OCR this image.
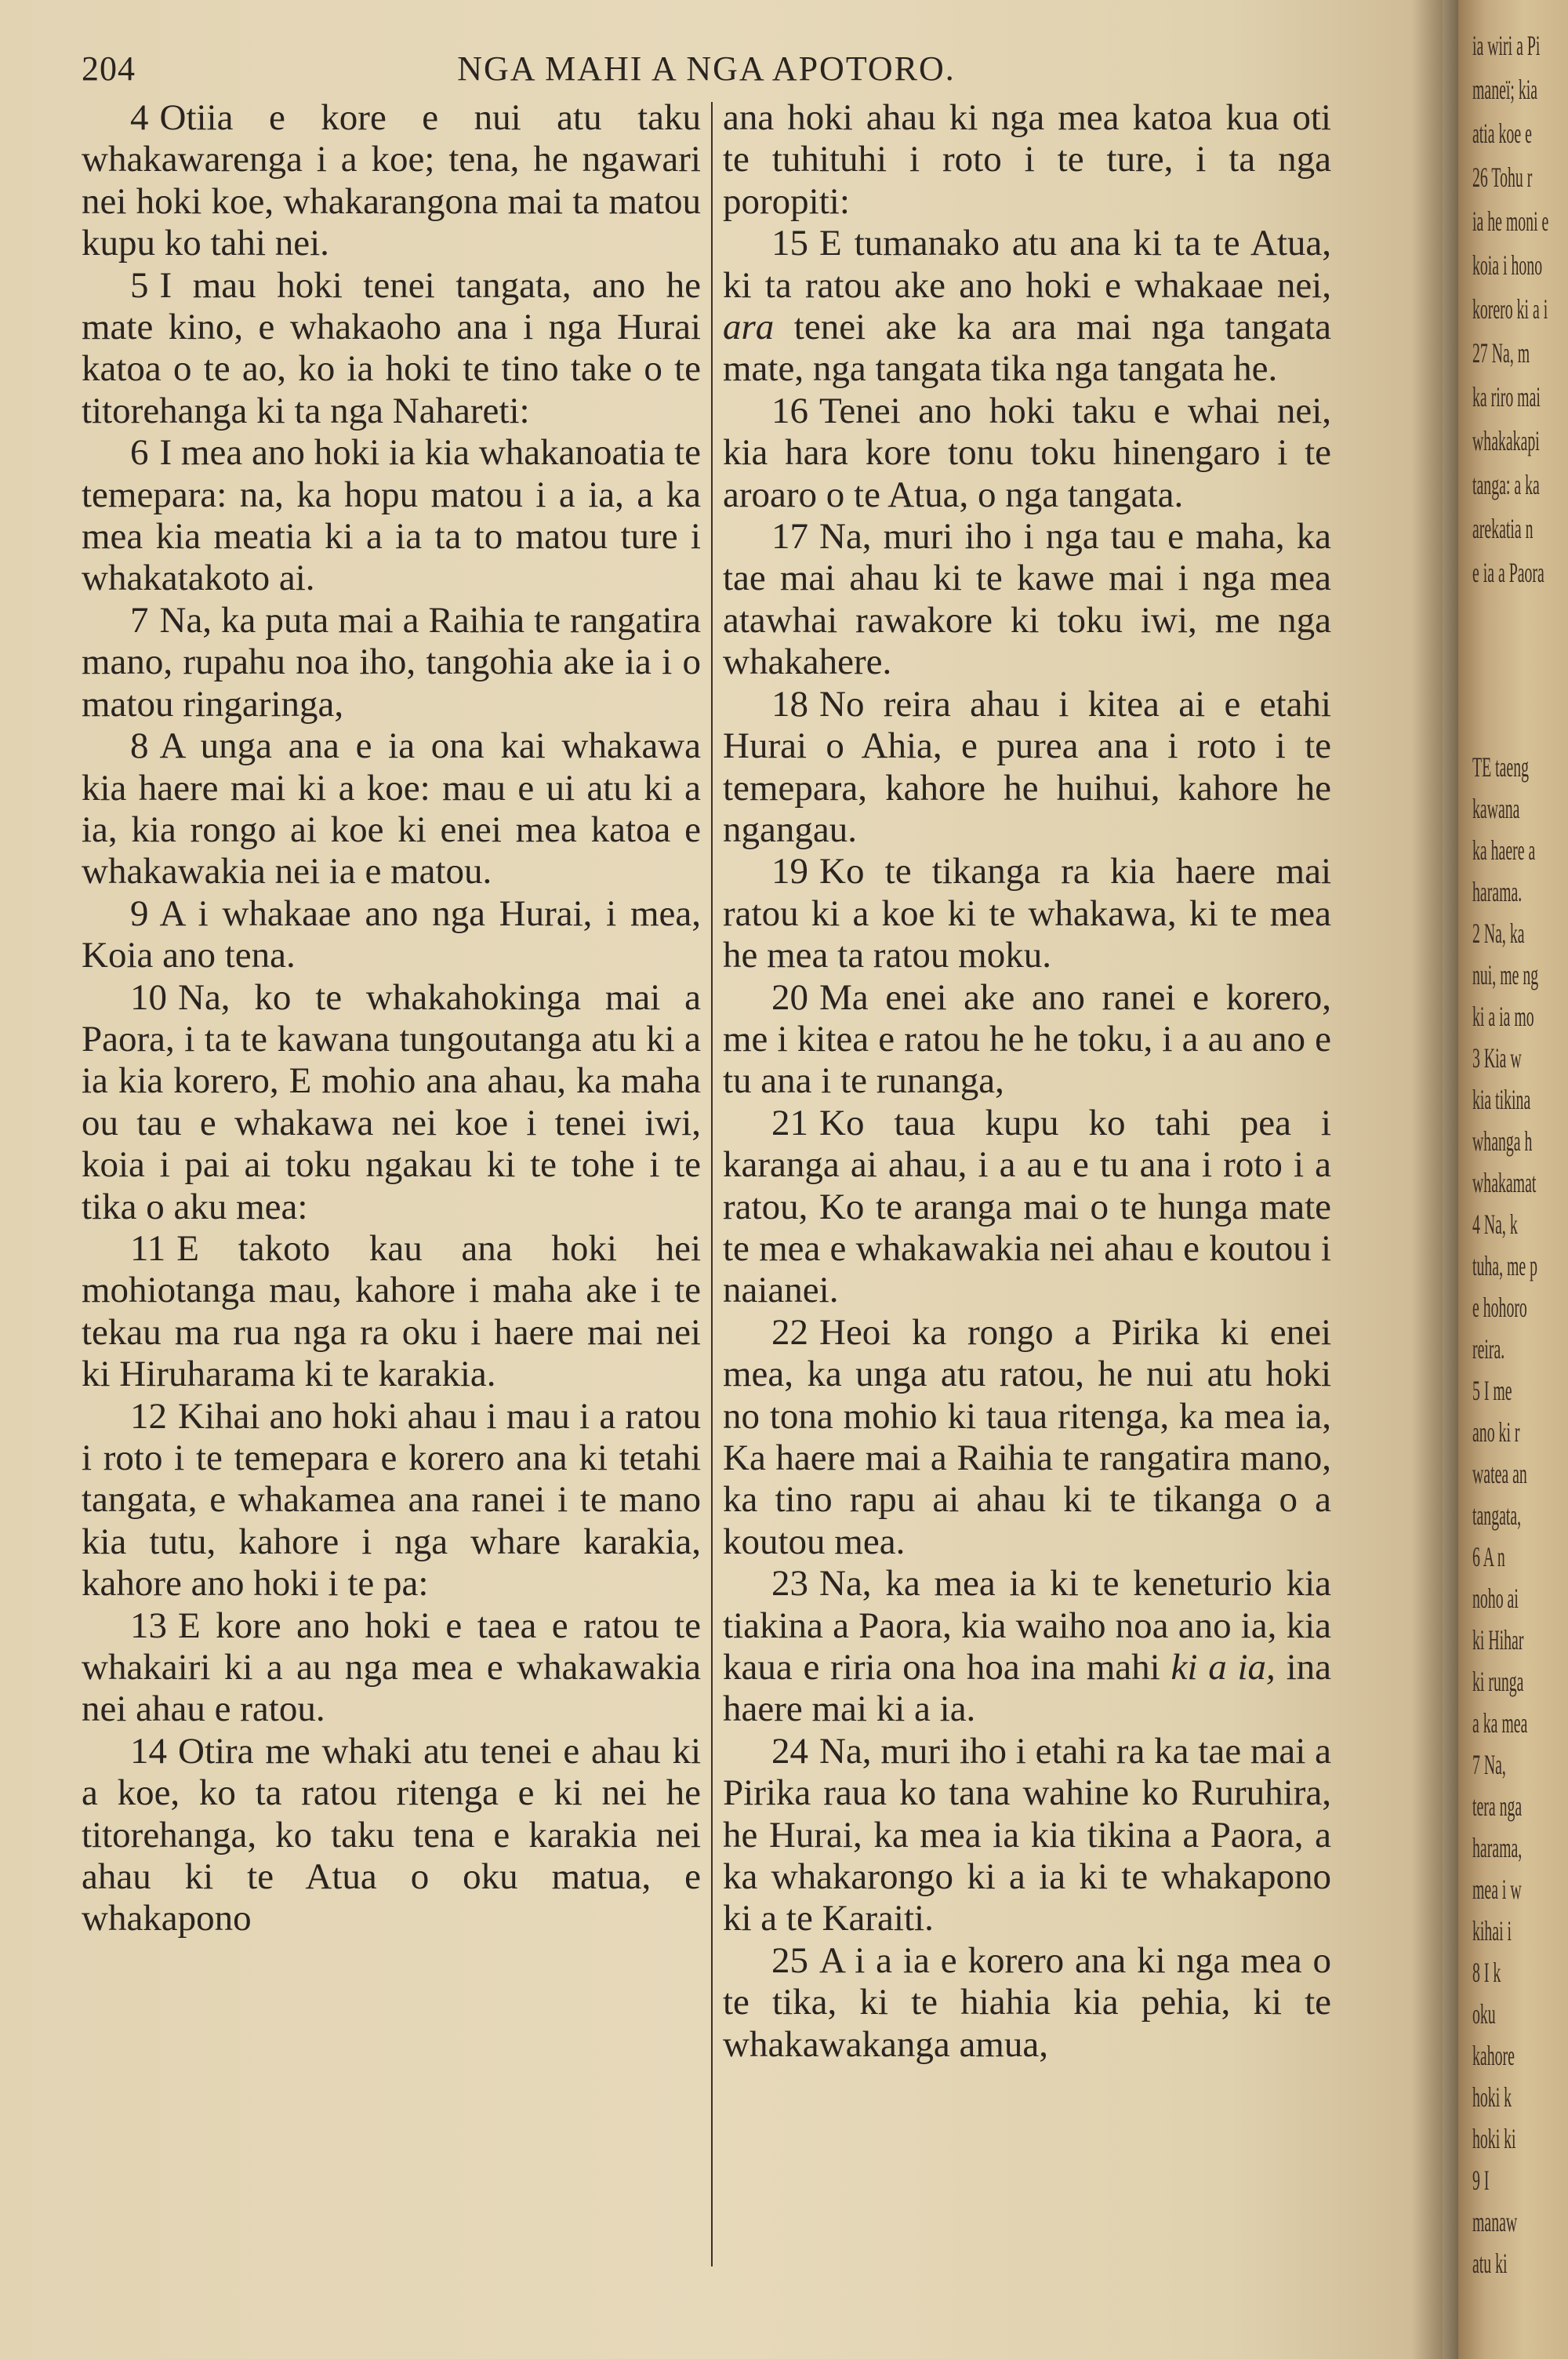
204	NGA MAHI A NGA APOTORO.

4 Otiia e kore e nui atu taku whakawarenga i a koe; tena, he ngawari nei hoki koe, whakarangona mai ta matou kupu ko tahi nei.

5 I mau hoki tenei tangata, ano he mate kino, e whakaoho ana i nga Hurai katoa o te ao, ko ia hoki te tino take o te titorehanga ki ta nga Nahareti:

6 I mea ano hoki ia kia whakanoatia te temepara: na, ka hopu matou i a ia, a ka mea kia meatia ki a ia ta to matou ture i whakatakoto ai.

7 Na, ka puta mai a Raihia te rangatira mano, rupahu noa iho, tangohia ake ia i o matou ringaringa,

8 A unga ana e ia ona kai whakawa kia haere mai ki a koe: mau e ui atu ki a ia, kia rongo ai koe ki enei mea katoa e whakawakia nei ia e matou.

9 A i whakaae ano nga Hurai, i mea, Koia ano tena.

10 Na, ko te whakahokinga mai a Paora, i ta te kawana tungoutanga atu ki a ia kia korero, E mohio ana ahau, ka maha ou tau e whakawa nei koe i tenei iwi, koia i pai ai toku ngakau ki te tohe i te tika o aku mea:

11 E takoto kau ana hoki hei mohiotanga mau, kahore i maha ake i te tekau ma rua nga ra oku i haere mai nei ki Hiruharama ki te karakia.

12 Kihai ano hoki ahau i mau i a ratou i roto i te temepara e korero ana ki tetahi tangata, e whakamea ana ranei i te mano kia tutu, kahore i nga whare karakia, kahore ano hoki i te pa:

13 E kore ano hoki e taea e ratou te whakairi ki a au nga mea e whakawakia nei ahau e ratou.

14 Otira me whaki atu tenei e ahau ki a koe, ko ta ratou ritenga e ki nei he titorehanga, ko taku tena e karakia nei ahau ki te Atua o oku matua, e whakapono

ana hoki ahau ki nga mea katoa kua oti te tuhituhi i roto i te ture, i ta nga poropiti:

15 E tumanako atu ana ki ta te Atua, ki ta ratou ake ano hoki e whakaae nei, ara tenei ake ka ara mai nga tangata mate, nga tangata tika nga tangata he.

16 Tenei ano hoki taku e whai nei, kia hara kore tonu toku hinengaro i te aroaro o te Atua, o nga tangata.

17 Na, muri iho i nga tau e maha, ka tae mai ahau ki te kawe mai i nga mea atawhai rawakore ki toku iwi, me nga whakahere.

18 No reira ahau i kitea ai e etahi Hurai o Ahia, e purea ana i roto i te temepara, kahore he huihui, kahore he ngangau.

19 Ko te tikanga ra kia haere mai ratou ki a koe ki te whakawa, ki te mea he mea ta ratou moku.

20 Ma enei ake ano ranei e korero, me i kitea e ratou he he toku, i a au ano e tu ana i te runanga,

21 Ko taua kupu ko tahi pea i karanga ai ahau, i a au e tu ana i roto i a ratou, Ko te aranga mai o te hunga mate te mea e whakawakia nei ahau e koutou i naianei.

22 Heoi ka rongo a Pirika ki enei mea, ka unga atu ratou, he nui atu hoki no tona mohio ki taua ritenga, ka mea ia, Ka haere mai a Raihia te rangatira mano, ka tino rapu ai ahau ki te tikanga o a koutou mea.

23 Na, ka mea ia ki te keneturio kia tiakina a Paora, kia waiho noa ano ia, kia kaua e riria ona hoa ina mahi ki a ia, ina haere mai ki a ia.

24 Na, muri iho i etahi ra ka tae mai a Pirika raua ko tana wahine ko Ruruhira, he Hurai, ka mea ia kia tikina a Paora, a ka whakarongo ki a ia ki te whakapono ki a te Karaiti.

25 A i a ia e korero ana ki nga mea o te tika, ki te hiahia kia pehia, ki te whakawakanga amua,

ia wiri a Pi
maneï; kia
atia koe e
26 Tohu r
ia he moni e
koia i hono
korero ki a i
27 Na, m
ka riro mai
whakakapi
tanga: a ka
arekatia n
e ia a Paora
TE taeng
kawana
ka haere a
harama.
2 Na, ka
nui, me ng
ki a ia mo
3 Kia w
kia tikina
whanga h
whakamat
4 Na, k
tuha, me p
e hohoro
reira.
5 I me
ano ki r
watea an
tangata,
6 A n
noho ai
ki Hihar
ki runga
a ka mea
7 Na,
tera nga
harama,
mea i w
kihai i
8 I k
oku
kahore
hoki k
hoki ki
9 I
manaw
atu ki
